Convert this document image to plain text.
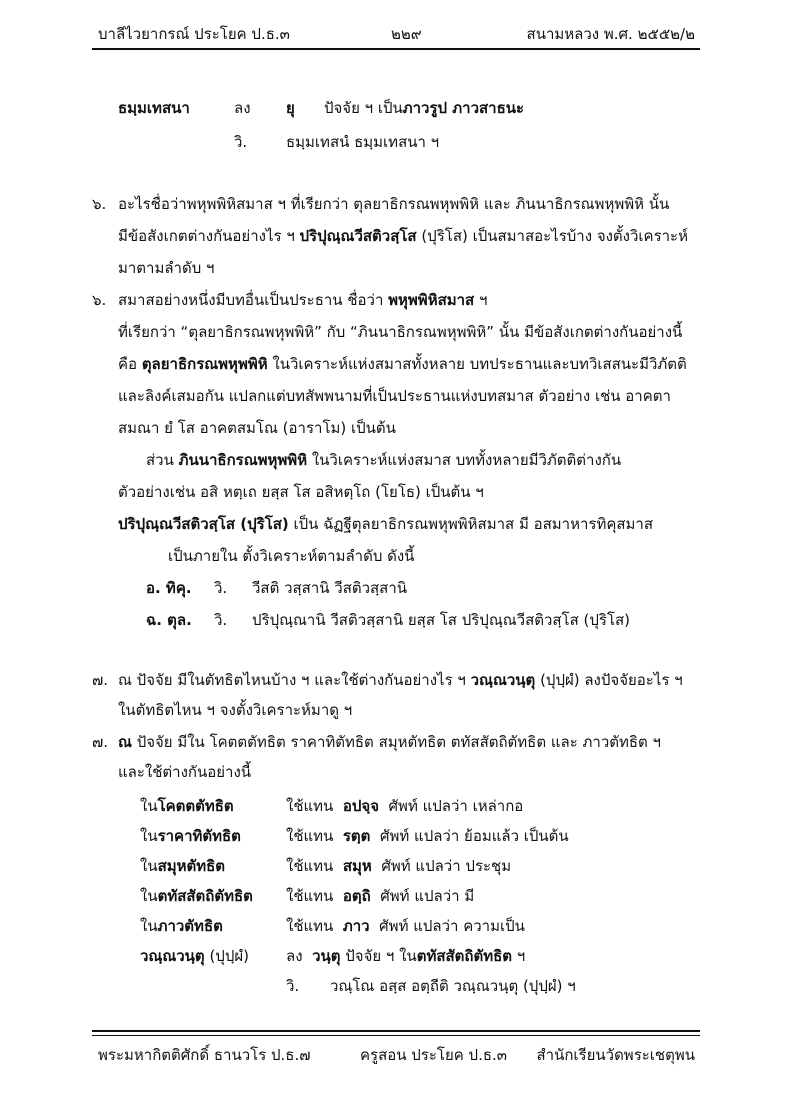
บาลีไวยากรณ์ ประโยค ป.ธ.๓	๒๒๙	สนามหลวง พ.ศ. ๒๕๕๒/๒
ธมฺมเทสนา	ลง ยุ ปัจจัย ฯ เป็นภาวรูป ภาวสาธนะ
วิ.	ธมฺมเทสนํ ธมฺมเทสนา ฯ
๖. อะไรชื่อว่าพหุพพิหิสมาส ฯ ที่เรียกว่า ตุลยาธิกรณพหุพพิหิ และ ภินนาธิกรณพหุพพิหิ นั้น
มีข้อสังเกตต่างกันอย่างไร ฯ ปริปุณฺณวีสติวสฺโส (ปุริโส) เป็นสมาสอะไรบ้าง จงตั้งวิเคราะห์
มาตามลำดับ ฯ
๖. สมาสอย่างหนึ่งมีบทอื่นเป็นประธาน ชื่อว่า พหุพพิหิสมาส ฯ
ที่เรียกว่า “ตุลยาธิกรณพหุพพิหิ” กับ “ภินนาธิกรณพหุพพิหิ” นั้น มีข้อสังเกตต่างกันอย่างนี้
คือ ตุลยาธิกรณพหุพพิหิ ในวิเคราะห์แห่งสมาสทั้งหลาย บทประธานและบทวิเสสนะมีวิภัตติ
และลิงค์เสมอกัน แปลกแต่บทสัพพนามที่เป็นประธานแห่งบทสมาส ตัวอย่าง เช่น อาคตา
สมณา ยํ โส อาคตสมโณ (อาราโม) เป็นต้น
ส่วน ภินนาธิกรณพหุพพิหิ ในวิเคราะห์แห่งสมาส บททั้งหลายมีวิภัตติต่างกัน
ตัวอย่างเช่น อสิ หตฺเถ ยสฺส โส อสิหตฺโถ (โยโธ) เป็นต้น ฯ
ปริปุณฺณวีสติวสฺโส (ปุริโส) เป็น ฉัฏฐีตุลยาธิกรณพหุพพิหิสมาส มี อสมาหารทิคุสมาส
เป็นภายใน ตั้งวิเคราะห์ตามลำดับ ดังนี้
อ. ทิคุ. วิ. วีสติ วสฺสานิ วีสติวสฺสานิ
ฉ. ตุล. วิ. ปริปุณฺณานิ วีสติวสฺสานิ ยสฺส โส ปริปุณฺณวีสติวสฺโส (ปุริโส)
๗. ณ ปัจจัย มีในตัทธิตไหนบ้าง ฯ และใช้ต่างกันอย่างไร ฯ วณฺณวนฺตุ (ปุปฺผํ) ลงปัจจัยอะไร ฯ
ในตัทธิตไหน ฯ จงตั้งวิเคราะห์มาดู ฯ
๗. ณ ปัจจัย มีใน โคตตตัทธิต ราคาทิตัทธิต สมุหตัทธิต ตทัสสัตถิตัทธิต และ ภาวตัทธิต ฯ
และใช้ต่างกันอย่างนี้
ในโคตตตัทธิต	ใช้แทน อปจฺจ ศัพท์ แปลว่า เหล่ากอ
ในราคาทิตัทธิต	ใช้แทน รตฺต ศัพท์ แปลว่า ย้อมแล้ว เป็นต้น
ในสมุหตัทธิต	ใช้แทน สมุห ศัพท์ แปลว่า ประชุม
ในตทัสสัตถิตัทธิต ใช้แทน อตฺถิ ศัพท์ แปลว่า มี
ในภาวตัทธิต	ใช้แทน ภาว ศัพท์ แปลว่า ความเป็น
วณฺณวนฺตุ (ปุปฺผํ) ลง วนฺตุ ปัจจัย ฯ ในตทัสสัตถิตัทธิต ฯ
วิ. วณฺโณ อสฺส อตฺถีติ วณฺณวนฺตุ (ปุปฺผํ) ฯ
พระมหากิตติศักดิ์ ธานวโร ป.ธ.๗	ครูสอน ประโยค ป.ธ.๓ สำนักเรียนวัดพระเชตุพน
